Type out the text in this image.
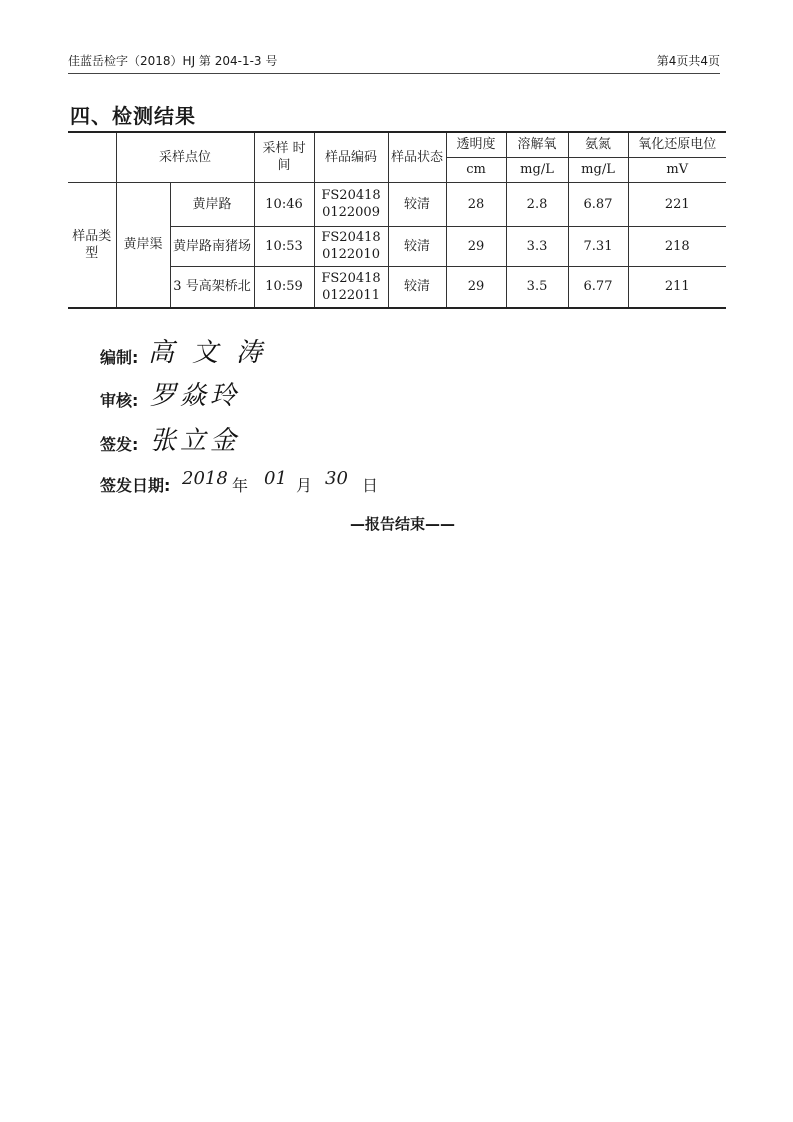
佳蓝岳检字（2018）HJ 第 204-1-3 号	第4页共4页
四、检测结果
	采样点位		采样 时间	样品编码	样品状态	透明度	溶解氧	氨氮	氧化还原电位
						cm	mg/L	mg/L	mV
样品类型	黄岸渠	黄岸路	10:46	FS20418 0122009	较清	28	2.8	6.87	221
		黄岸路南猪场	10:53	FS20418 0122010	较清	29	3.3	7.31	218
		3 号高架桥北	10:59	FS20418 0122011	较清	29	3.5	6.77	211
编制: 高文涛
审核: 罗焱玲
签发: 张立金
签发日期: 2018 年 01 月 30 日
—报告结束——
